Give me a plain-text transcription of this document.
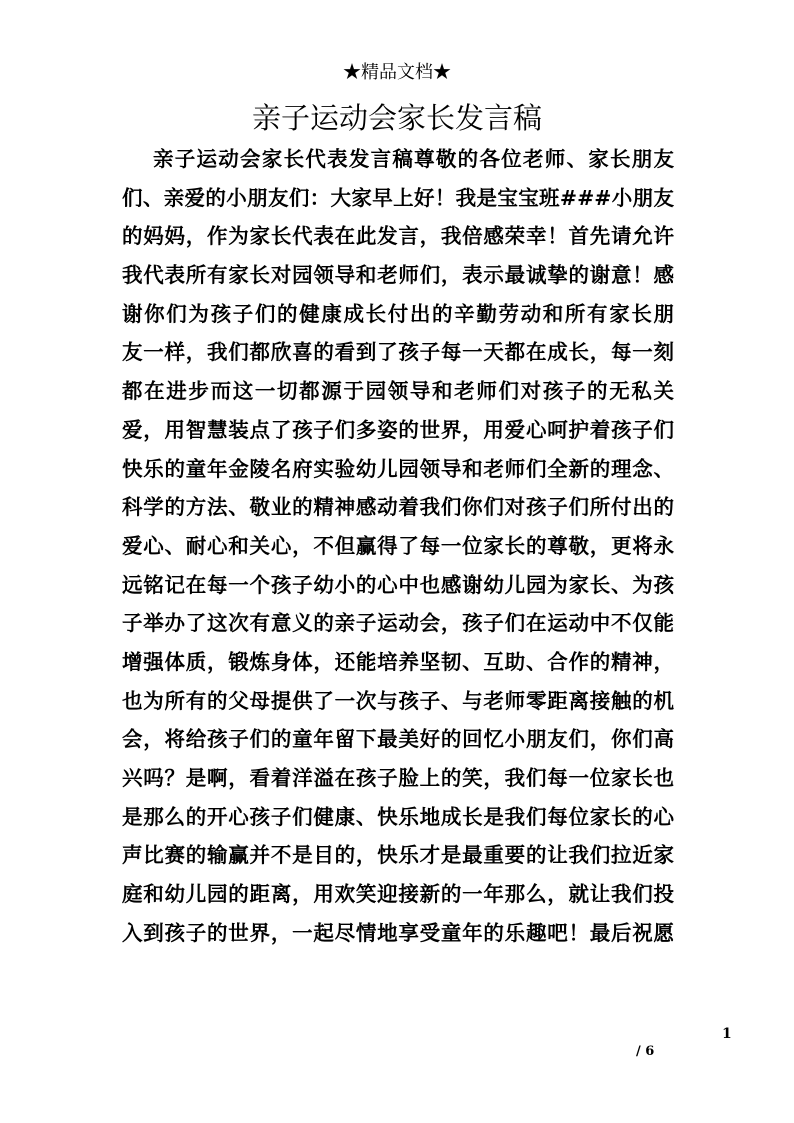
★精品文档★
亲子运动会家长发言稿
亲子运动会家长代表发言稿尊敬的各位老师、家长朋友
们、亲爱的小朋友们：大家早上好！我是宝宝班###小朋友
的妈妈，作为家长代表在此发言，我倍感荣幸！首先请允许
我代表所有家长对园领导和老师们，表示最诚挚的谢意！感
谢你们为孩子们的健康成长付出的辛勤劳动和所有家长朋
友一样，我们都欣喜的看到了孩子每一天都在成长，每一刻
都在进步而这一切都源于园领导和老师们对孩子的无私关
爱，用智慧装点了孩子们多姿的世界，用爱心呵护着孩子们
快乐的童年金陵名府实验幼儿园领导和老师们全新的理念、
科学的方法、敬业的精神感动着我们你们对孩子们所付出的
爱心、耐心和关心，不但赢得了每一位家长的尊敬，更将永
远铭记在每一个孩子幼小的心中也感谢幼儿园为家长、为孩
子举办了这次有意义的亲子运动会，孩子们在运动中不仅能
增强体质，锻炼身体，还能培养坚韧、互助、合作的精神，
也为所有的父母提供了一次与孩子、与老师零距离接触的机
会，将给孩子们的童年留下最美好的回忆小朋友们，你们高
兴吗？是啊，看着洋溢在孩子脸上的笑，我们每一位家长也
是那么的开心孩子们健康、快乐地成长是我们每位家长的心
声比赛的输赢并不是目的，快乐才是最重要的让我们拉近家
庭和幼儿园的距离，用欢笑迎接新的一年那么，就让我们投
入到孩子的世界，一起尽情地享受童年的乐趣吧！最后祝愿
1
/ 6
